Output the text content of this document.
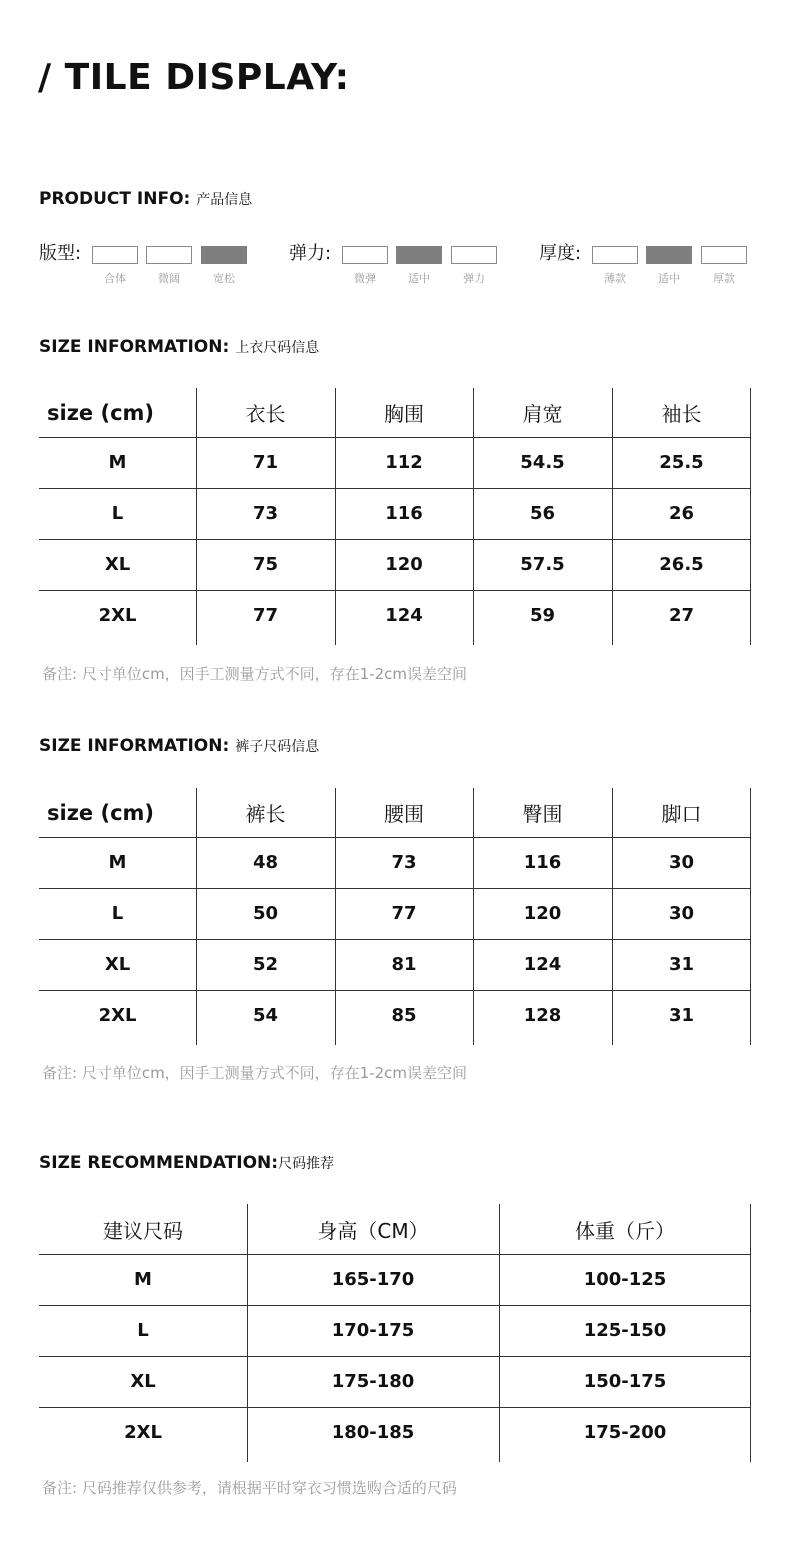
/ TILE DISPLAY:
PRODUCT INFO: 产品信息
版型:
合体	微阔	宽松
弹力:
微弹	适中	弹力
厚度:
薄款	适中	厚款
SIZE INFORMATION: 上衣尺码信息
size (cm)	衣长	胸围	肩宽	袖长
M	71	112	54.5	25.5
L	73	116	56	26
XL	75	120	57.5	26.5
2XL	77	124	59	27
备注: 尺寸单位cm，因手工测量方式不同，存在1-2cm误差空间
SIZE INFORMATION: 裤子尺码信息
size (cm)	裤长	腰围	臀围	脚口
M	48	73	116	30
L	50	77	120	30
XL	52	81	124	31
2XL	54	85	128	31
备注: 尺寸单位cm，因手工测量方式不同，存在1-2cm误差空间
SIZE RECOMMENDATION:尺码推荐
建议尺码	身高（CM）	体重（斤）
M	165-170	100-125
L	170-175	125-150
XL	175-180	150-175
2XL	180-185	175-200
备注: 尺码推荐仅供参考，请根据平时穿衣习惯选购合适的尺码
